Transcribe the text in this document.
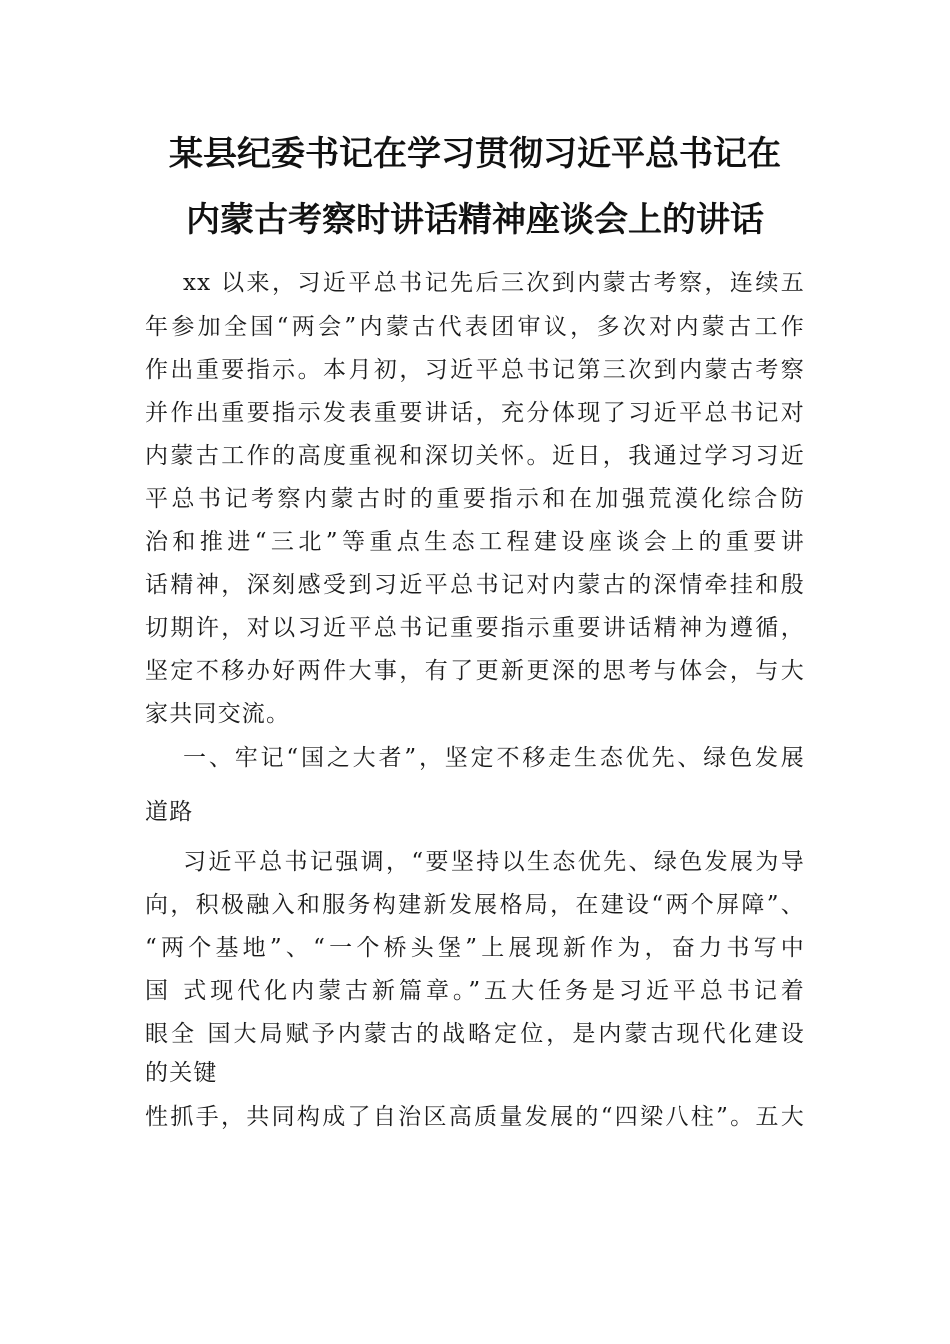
某县纪委书记在学习贯彻习近平总书记在
内蒙古考察时讲话精神座谈会上的讲话
xx 以来，习近平总书记先后三次到内蒙古考察，连续五
年参加全国“两会”内蒙古代表团审议，多次对内蒙古工作
作出重要指示。本月初，习近平总书记第三次到内蒙古考察
并作出重要指示发表重要讲话，充分体现了习近平总书记对
内蒙古工作的高度重视和深切关怀。近日，我通过学习习近
平总书记考察内蒙古时的重要指示和在加强荒漠化综合防
治和推进“三北”等重点生态工程建设座谈会上的重要讲
话精神，深刻感受到习近平总书记对内蒙古的深情牵挂和殷
切期许，对以习近平总书记重要指示重要讲话精神为遵循，
坚定不移办好两件大事，有了更新更深的思考与体会，与大
家共同交流。
一、牢记“国之大者”，坚定不移走生态优先、绿色发展
道路
习近平总书记强调，“要坚持以生态优先、绿色发展为导
向，积极融入和服务构建新发展格局，在建设“两个屏障”、
“两个基地”、“一个桥头堡”上展现新作为，奋力书写中
国 式现代化内蒙古新篇章。”五大任务是习近平总书记着
眼全 国大局赋予内蒙古的战略定位，是内蒙古现代化建设
的关键
性抓手，共同构成了自治区高质量发展的“四梁八柱”。五大
